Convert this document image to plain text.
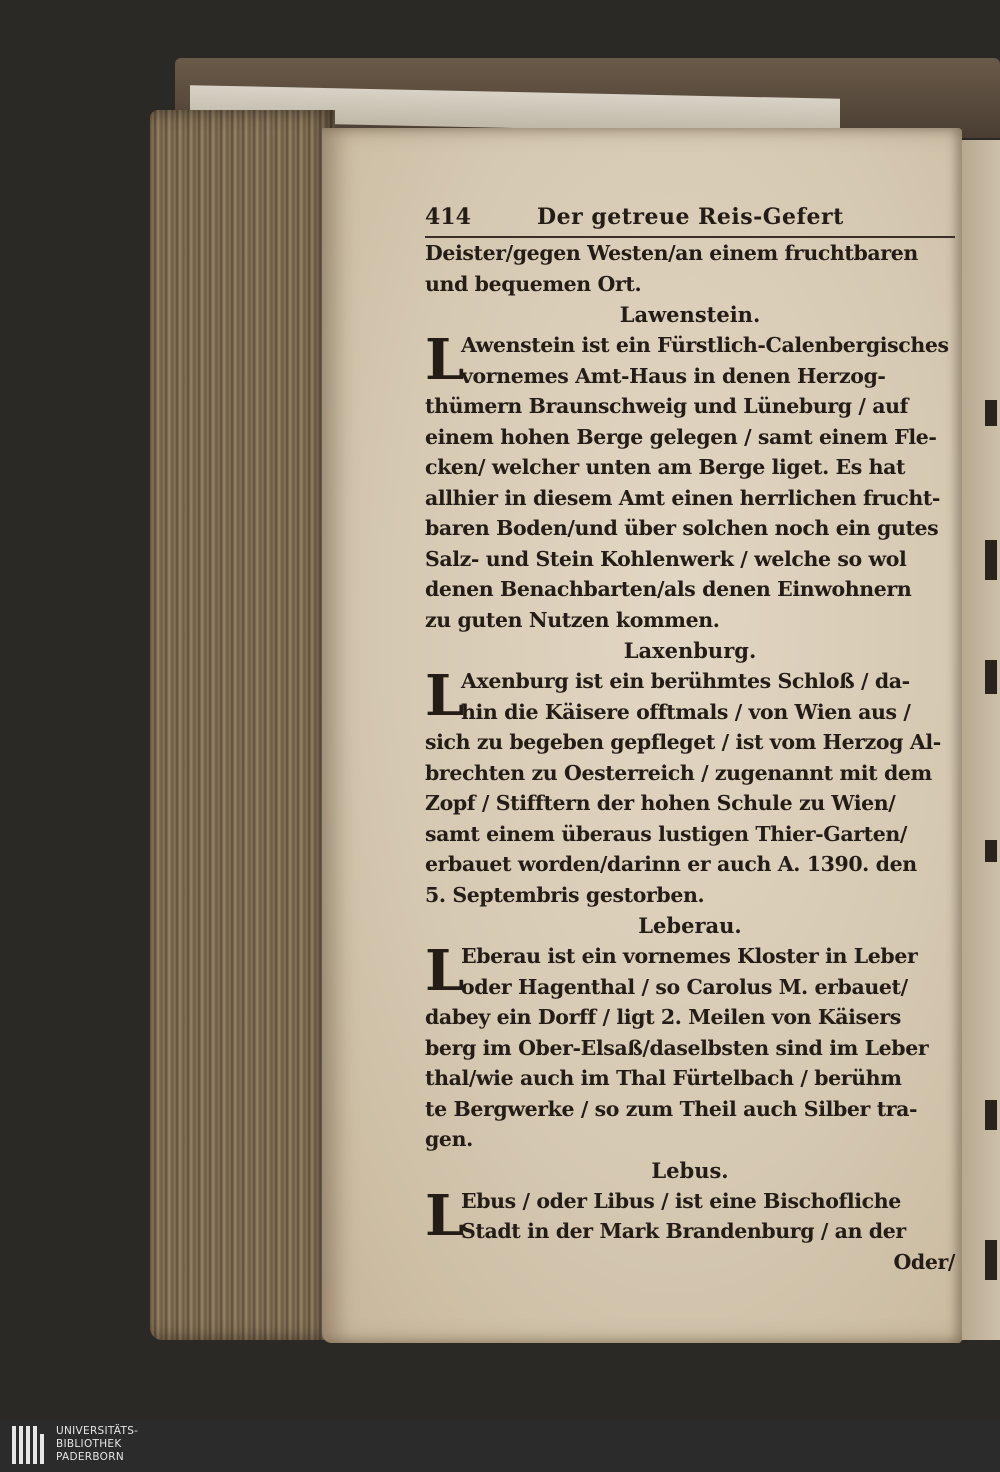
414	Der getreue Reis-Gefert
Deister/gegen Westen/an einem fruchtbaren
und bequemen Ort.
Lawenstein.
L
Awenstein ist ein Fürstlich-Calenbergisches
vornemes Amt-Haus in denen Herzog-
thümern Braunschweig und Lüneburg / auf
einem hohen Berge gelegen / samt einem Fle-
cken/ welcher unten am Berge liget. Es hat
allhier in diesem Amt einen herrlichen frucht-
baren Boden/und über solchen noch ein gutes
Salz- und Stein Kohlenwerk / welche so wol
denen Benachbarten/als denen Einwohnern
zu guten Nutzen kommen.
Laxenburg.
L
Axenburg ist ein berühmtes Schloß / da-
hin die Käisere offtmals / von Wien aus /
sich zu begeben gepfleget / ist vom Herzog Al-
brechten zu Oesterreich / zugenannt mit dem
Zopf / Stifftern der hohen Schule zu Wien/
samt einem überaus lustigen Thier-Garten/
erbauet worden/darinn er auch A. 1390. den
5. Septembris gestorben.
Leberau.
L
Eberau ist ein vornemes Kloster in Leber
oder Hagenthal / so Carolus M. erbauet/
dabey ein Dorff / ligt 2. Meilen von Käisers
berg im Ober-Elsaß/daselbsten sind im Leber
thal/wie auch im Thal Fürtelbach / berühm
te Bergwerke / so zum Theil auch Silber tra-
gen.
Lebus.
L
Ebus / oder Libus / ist eine Bischofliche
Stadt in der Mark Brandenburg / an der
Oder/
UNIVERSITÄTS-
BIBLIOTHEK
PADERBORN
